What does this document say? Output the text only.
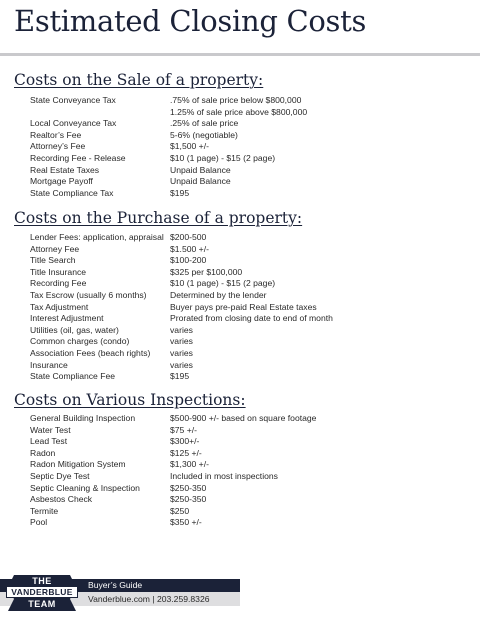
Estimated Closing Costs
Costs on the Sale of a property:
State Conveyance Tax	.75% of sale price below $800,000
1.25% of sale price above $800,000
Local Conveyance Tax	.25% of sale price
Realtor’s Fee	5-6% (negotiable)
Attorney’s Fee	$1,500 +/-
Recording Fee - Release	$10 (1 page) - $15 (2 page)
Real Estate Taxes	Unpaid Balance
Mortgage Payoff	Unpaid Balance
State Compliance Tax	$195
Costs on the Purchase of a property:
Lender Fees: application, appraisal $200-500
Attorney Fee	$1.500 +/-
Title Search	$100-200
Title Insurance	$325 per $100,000
Recording Fee	$10 (1 page) - $15 (2 page)
Tax Escrow (usually 6 months)	Determined by the lender
Tax Adjustment	Buyer pays pre-paid Real Estate taxes
Interest Adjustment	Prorated from closing date to end of month
Utilities (oil, gas, water)	varies
Common charges (condo)	varies
Association Fees (beach rights)	varies
Insurance	varies
State Compliance Fee	$195
Costs on Various Inspections:
General Building Inspection	$500-900 +/- based on square footage
Water Test	$75 +/-
Lead Test	$300+/-
Radon	$125 +/-
Radon Mitigation System	$1,300 +/-
Septic Dye Test	Included in most inspections
Septic Cleaning & Inspection	$250-350
Asbestos Check	$250-350
Termite	$250
Pool	$350 +/-
Buyer’s Guide
Vanderblue.com | 203.259.8326
THE
VANDERBLUE
TEAM
